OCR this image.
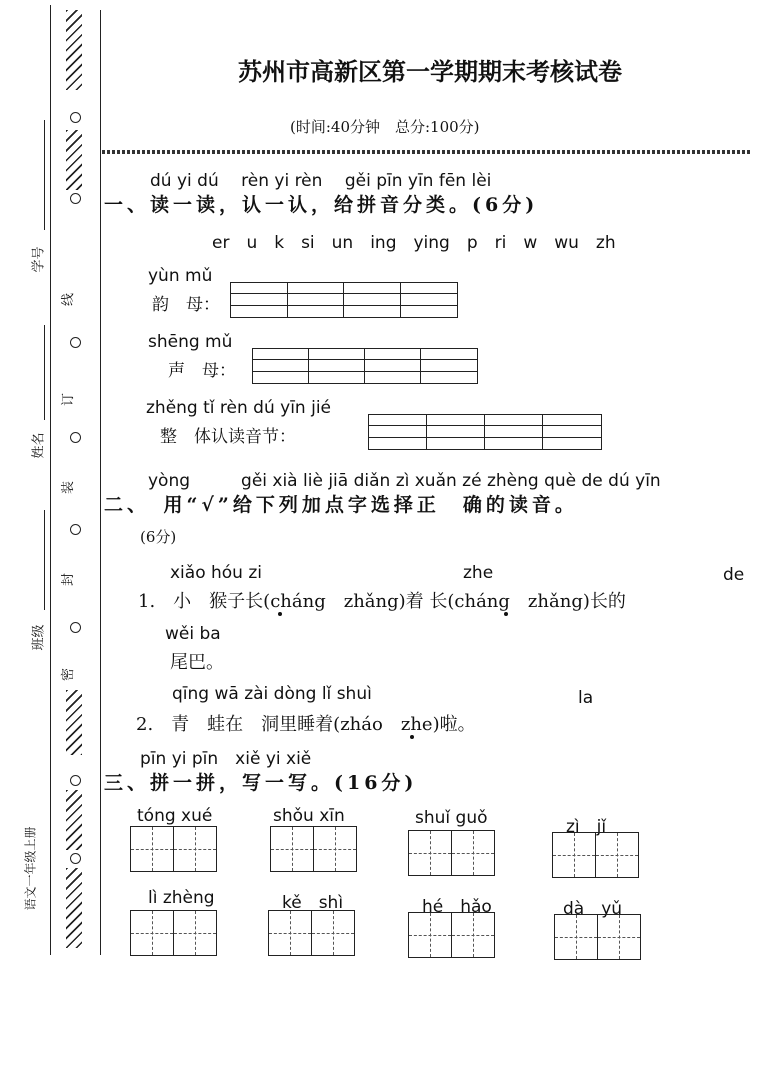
线
订
装
封
密
学号
姓名
班级
语文一年级上册
苏州市高新区第一学期期末考核试卷
(时间:40分钟　总分:100分)
dú yi dú　 rèn yi rèn　 gěi pīn yīn fēn lèi
一、读一读，认一认，给拼音分类。(6分)
er　u　k　si　un　ing　ying　p　ri　w　wu　zh
yùn mǔ
韵　母：
shēng mǔ
声　母：
zhěng tǐ rèn dú yīn jié
整　体认读音节：
yòng　　　gěi xià liè jiā diǎn zì xuǎn zé zhèng què de dú yīn
二、　用“√”给下列加点字选择正　确的读音。
(6分)
xiǎo hóu zi	zhe	de
1.　小　猴子长(cháng　zhǎng)着 长(cháng　zhǎng)长的
wěi ba
尾巴。
qīng wā zài dòng lǐ shuì	la
2.　青　蛙在　洞里睡着(zháo　zhe)啦。
pīn yi pīn　xiě yi xiě
三、拼一拼，写一写。(16分)
tóng xué	shǒu xīn	shuǐ guǒ	zì　jǐ
lì zhèng	kě　shì	hé　hǎo	dà　yǔ
